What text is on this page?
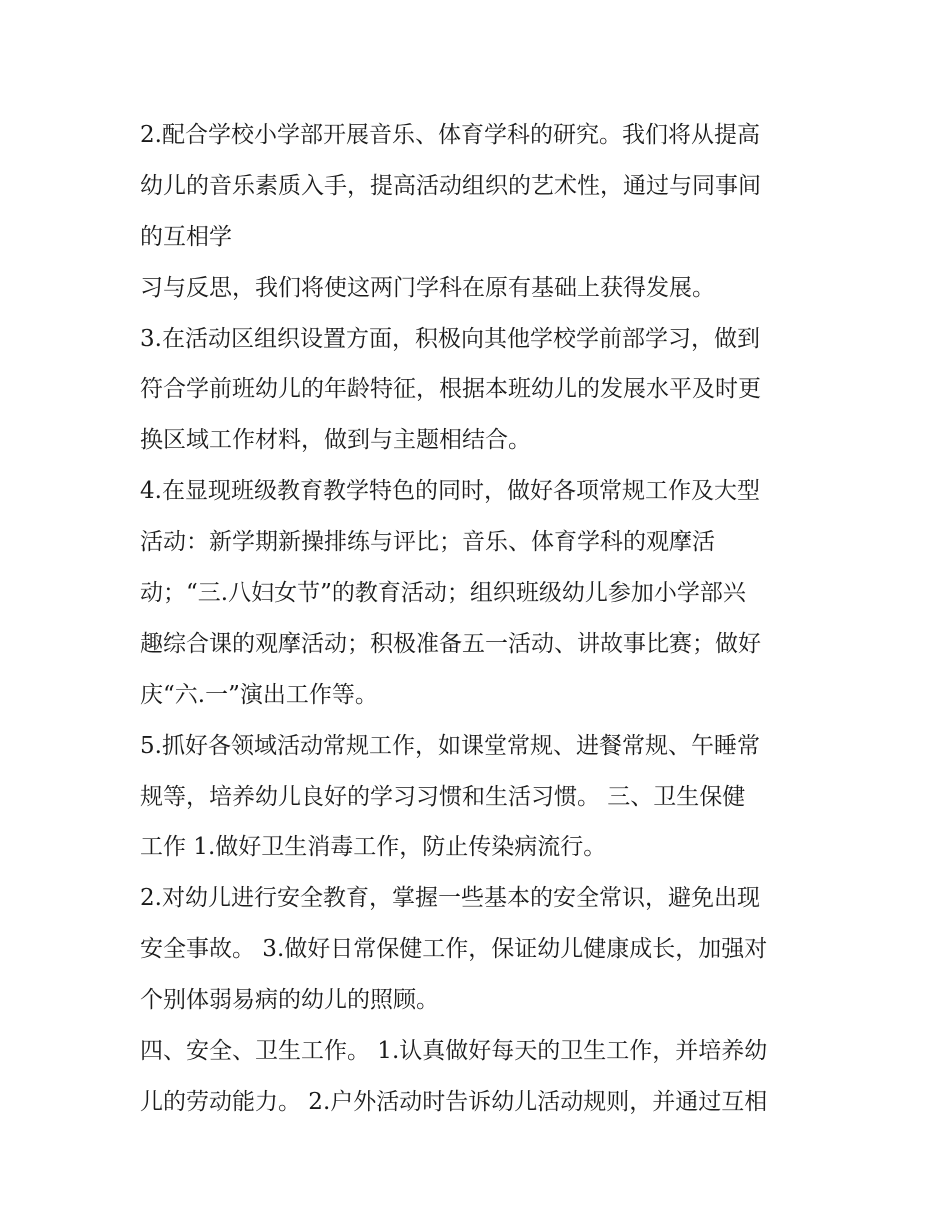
2.配合学校小学部开展音乐、体育学科的研究。我们将从提高
幼儿的音乐素质入手，提高活动组织的艺术性，通过与同事间
的互相学
习与反思，我们将使这两门学科在原有基础上获得发展。
3.在活动区组织设置方面，积极向其他学校学前部学习，做到
符合学前班幼儿的年龄特征，根据本班幼儿的发展水平及时更
换区域工作材料，做到与主题相结合。
4.在显现班级教育教学特色的同时，做好各项常规工作及大型
活动：新学期新操排练与评比；音乐、体育学科的观摩活
动；“三.八妇女节”的教育活动；组织班级幼儿参加小学部兴
趣综合课的观摩活动；积极准备五一活动、讲故事比赛；做好
庆“六.一”演出工作等。
5.抓好各领域活动常规工作，如课堂常规、进餐常规、午睡常
规等，培养幼儿良好的学习习惯和生活习惯。 三、卫生保健
工作 1.做好卫生消毒工作，防止传染病流行。
2.对幼儿进行安全教育，掌握一些基本的安全常识，避免出现
安全事故。 3.做好日常保健工作，保证幼儿健康成长，加强对
个别体弱易病的幼儿的照顾。
四、安全、卫生工作。 1.认真做好每天的卫生工作，并培养幼
儿的劳动能力。 2.户外活动时告诉幼儿活动规则，并通过互相
